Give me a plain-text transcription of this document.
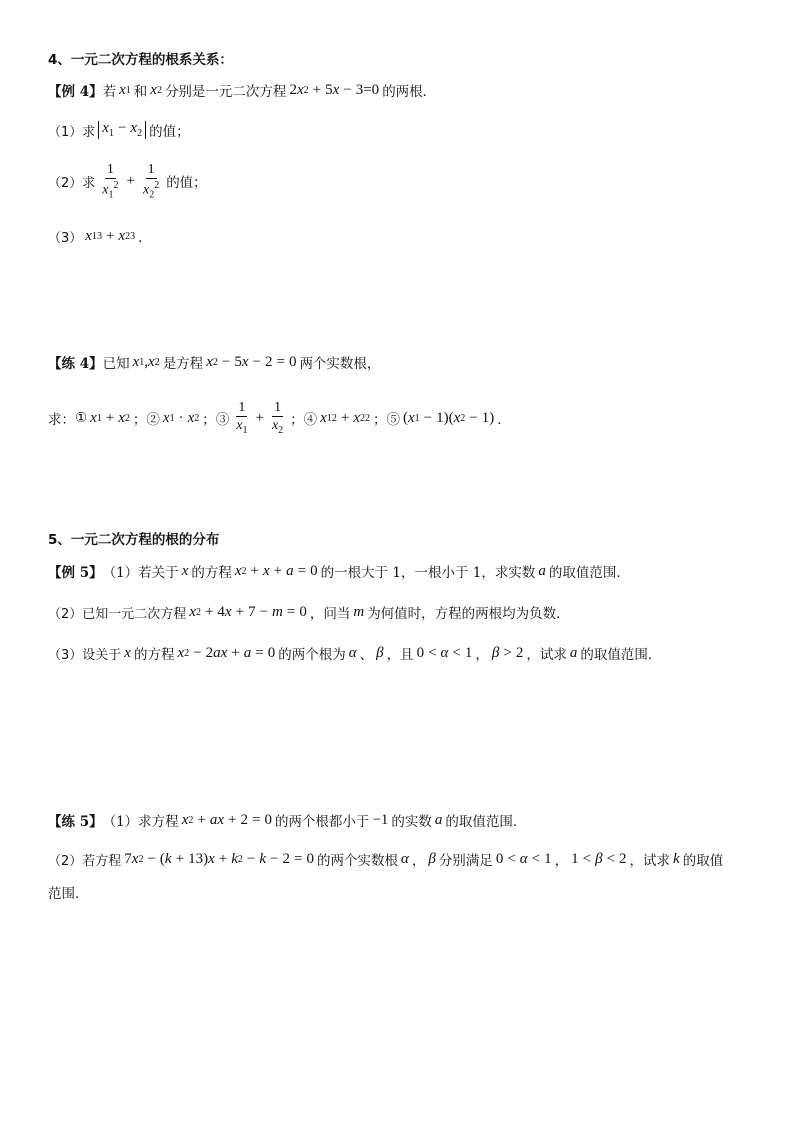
4、一元二次方程的根系关系：
【例 4】 若 x 1 和 x 2 分别是一元二次方程 2 x 2 + 5 x − 3=0 的两根．
（1）求 $x_1 - x_2$ 的值；
（2）求 $\frac{1}{x_1^2} + \frac{1}{x_2^2}$ 的值；
（3） x 1 3 + x 2 3 ．
【练 4】 已知 x 1 , x 2 是方程 x 2 − 5 x − 2 = 0 两个实数根，
求： ① x 1 + x 2 ；② x 1 · x 2 ；③ $\frac{1}{x_1} + \frac{1}{x_2}$ ；④ x 1 2 + x 2 2 ；⑤ ( x 1 − 1)( x 2 − 1) ．
5、一元二次方程的根的分布
【例 5】 （1）若关于 x 的方程 x 2 + x + a = 0 的一根大于 1，一根小于 1，求实数 a 的取值范围．
（2）已知一元二次方程 x 2 + 4 x + 7 − m = 0 ，问当 m 为何值时，方程的两根均为负数．
（3）设关于 x 的方程 x 2 − 2 ax + a = 0 的两个根为 α 、 β ，且 0 < α < 1 ， β > 2 ，试求 a 的取值范围．
【练 5】 （1）求方程 x 2 + ax + 2 = 0 的两个根都小于 −1 的实数 a 的取值范围．
（2）若方程 7 x 2 − ( k + 13) x + k 2 − k − 2 = 0 的两个实数根 α ， β 分别满足 0 < α < 1 ， 1 < β < 2 ，试求 k 的取值
范围．
